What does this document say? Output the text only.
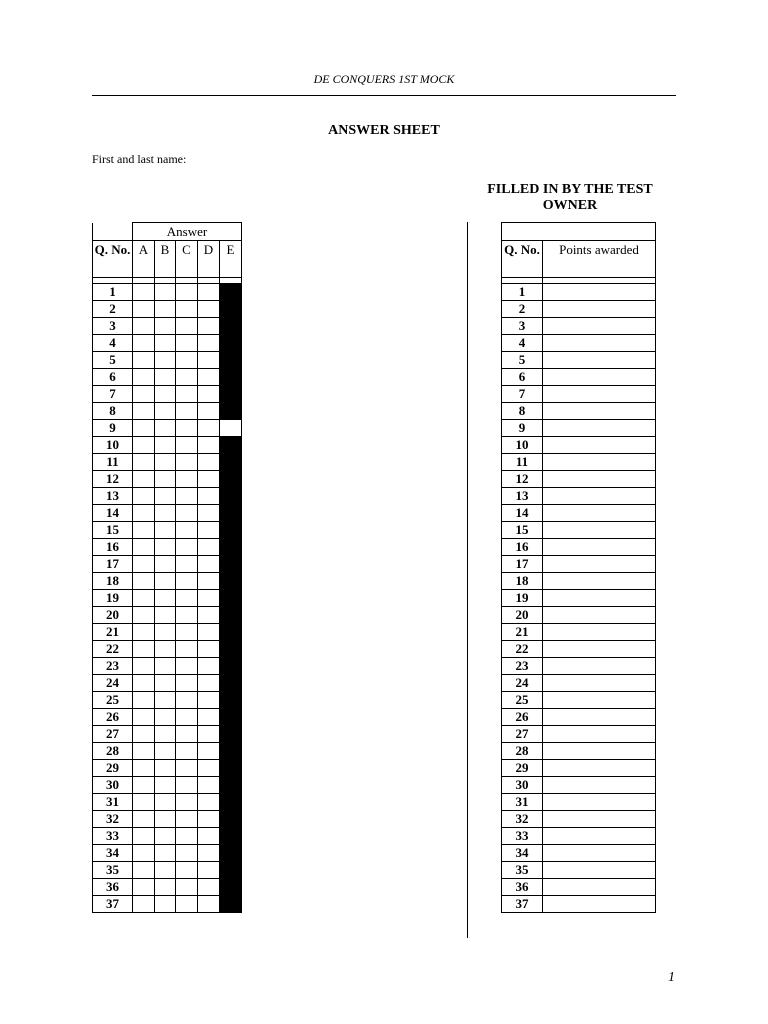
DE CONQUERS 1ST MOCK
ANSWER SHEET
First and last name:
FILLED IN BY THE TEST OWNER
	Answer				
Q. No.	A	B	C	D	E

1					
2					
3					
4					
5					
6					
7					
8					
9					
10					
11					
12					
13					
14					
15					
16					
17					
18					
19					
20					
21					
22					
23					
24					
25					
26					
27					
28					
29					
30					
31					
32					
33					
34					
35					
36					
37					

Q. No.	Points awarded

1	
2	
3	
4	
5	
6	
7	
8	
9	
10	
11	
12	
13	
14	
15	
16	
17	
18	
19	
20	
21	
22	
23	
24	
25	
26	
27	
28	
29	
30	
31	
32	
33	
34	
35	
36	
37	
1
